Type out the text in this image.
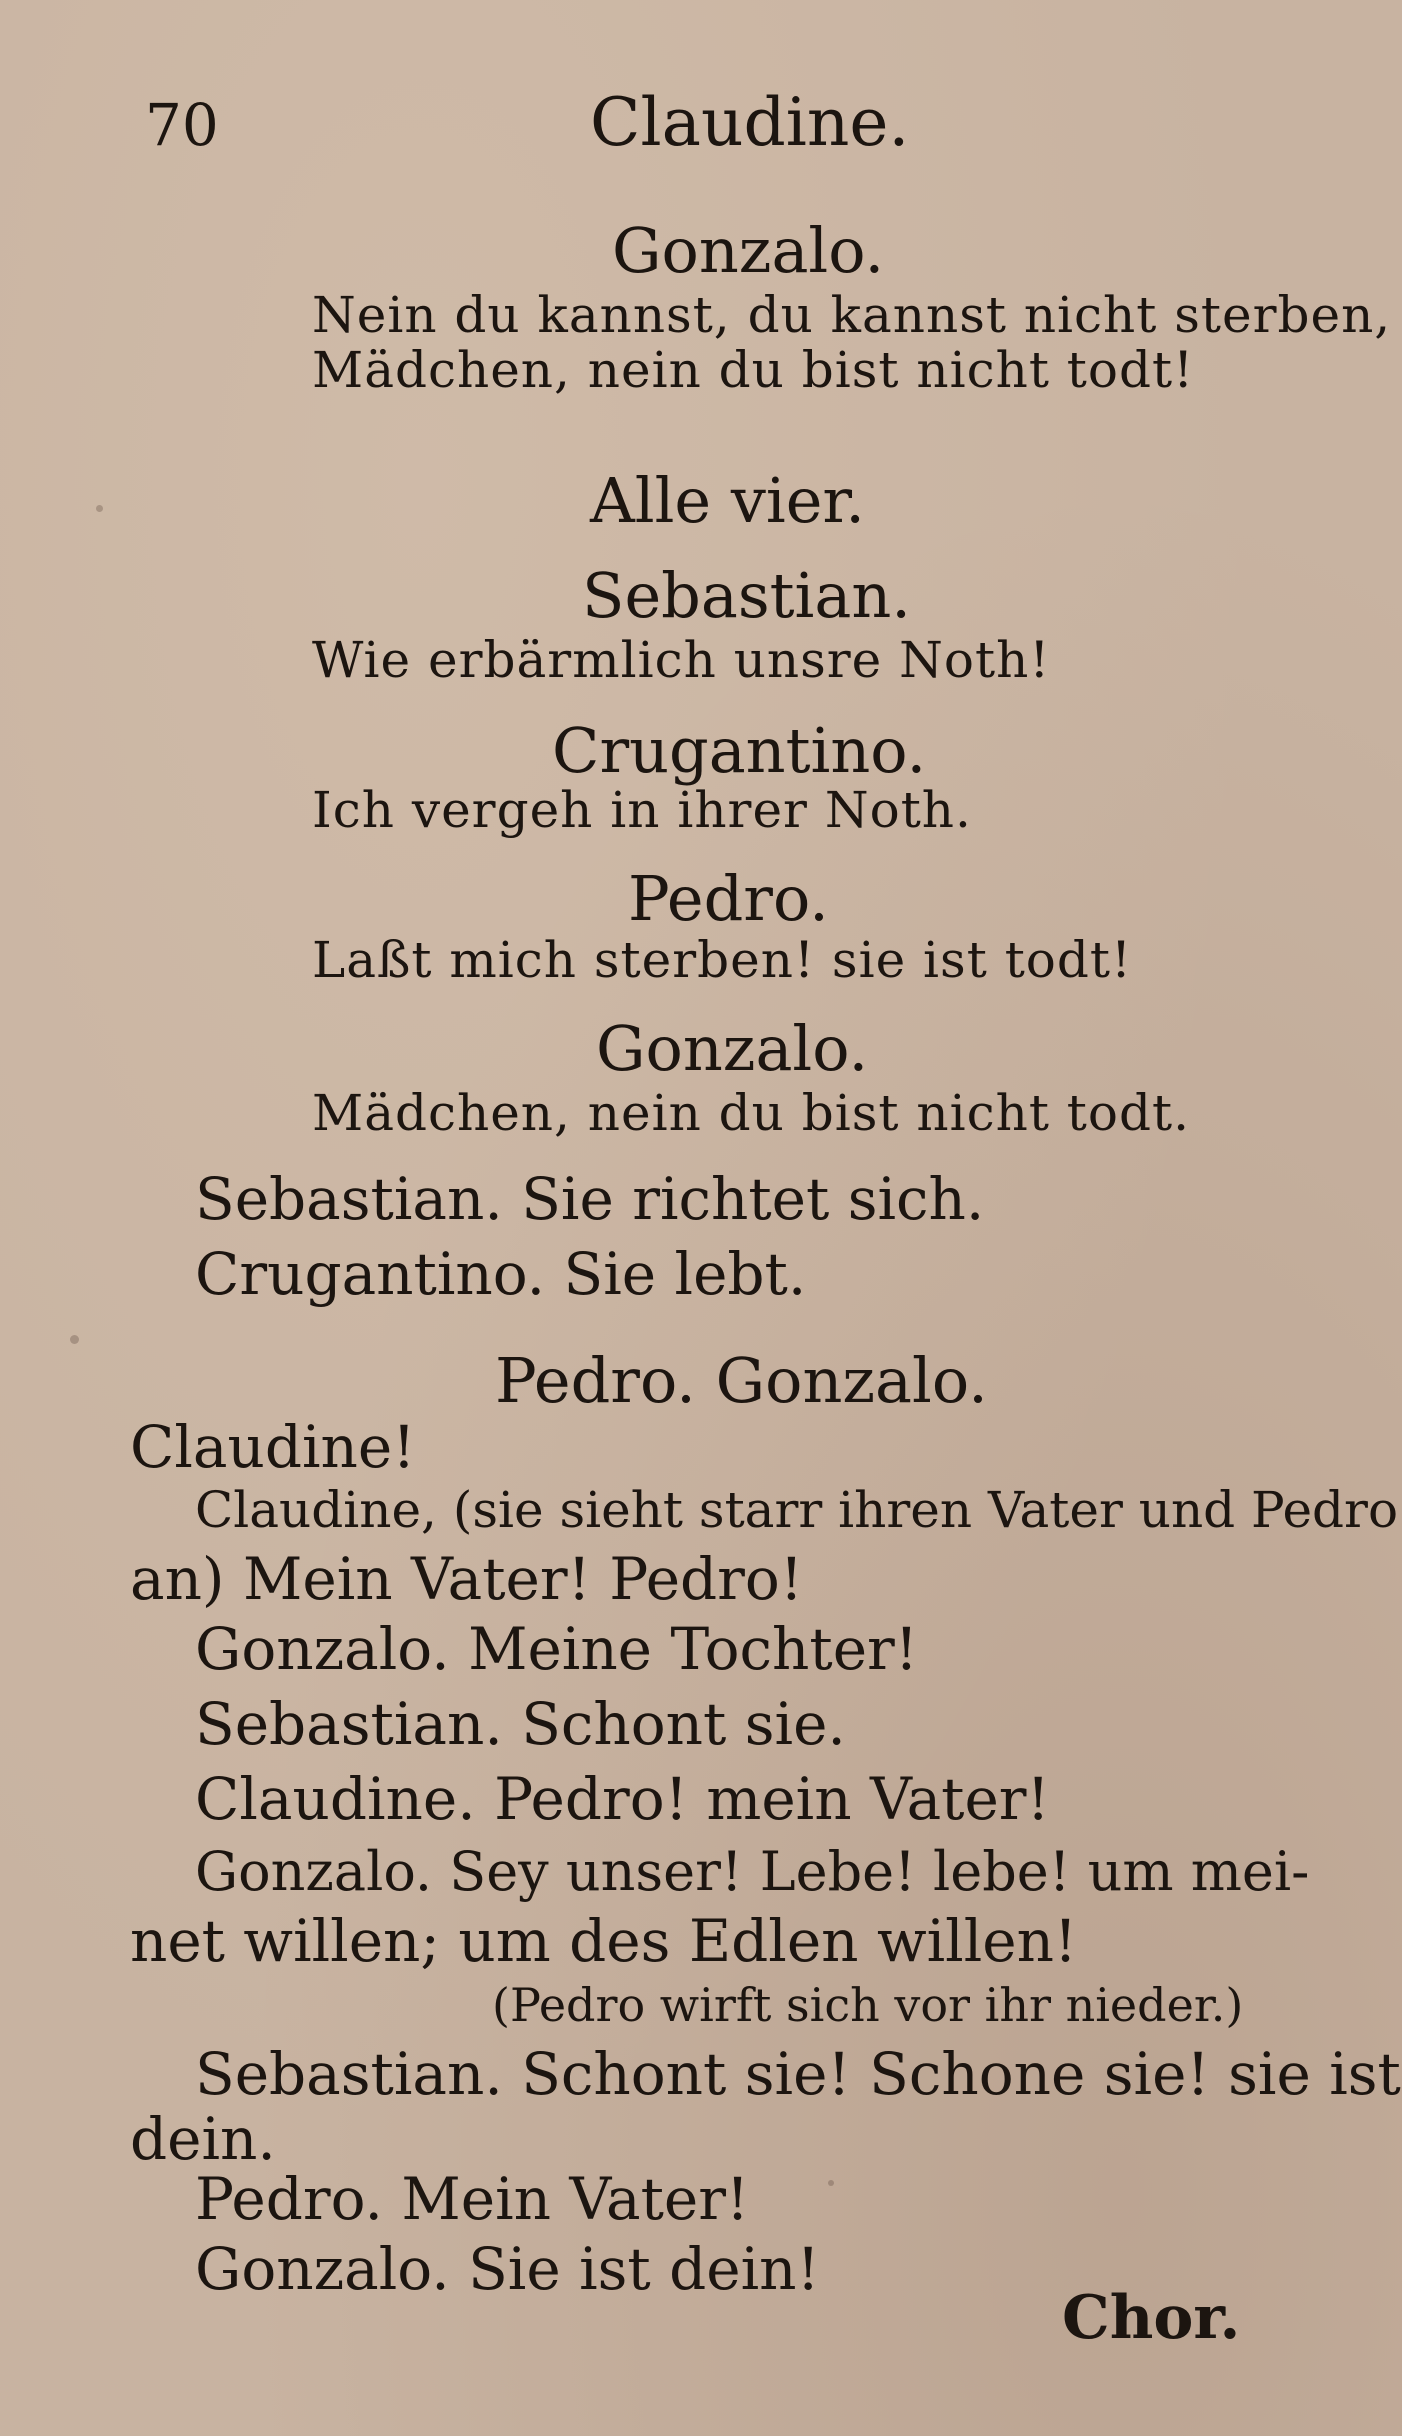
70	Claudine.
Gonzalo.
Nein du kannst, du kannst nicht sterben,
Mädchen, nein du bist nicht todt!
Alle vier.
Sebastian.
Wie erbärmlich unsre Noth!
Crugantino.
Ich vergeh in ihrer Noth.
Pedro.
Laßt mich sterben! sie ist todt!
Gonzalo.
Mädchen, nein du bist nicht todt.
Sebastian. Sie richtet sich.
Crugantino. Sie lebt.
Pedro. Gonzalo.
Claudine!
Claudine, (sie sieht starr ihren Vater und Pedro
an) Mein Vater! Pedro!
Gonzalo. Meine Tochter!
Sebastian. Schont sie.
Claudine. Pedro! mein Vater!
Gonzalo. Sey unser! Lebe! lebe! um mei-
net willen; um des Edlen willen!
(Pedro wirft sich vor ihr nieder.)
Sebastian. Schont sie! Schone sie! sie ist
dein.
Pedro. Mein Vater!
Gonzalo. Sie ist dein!
Chor.
